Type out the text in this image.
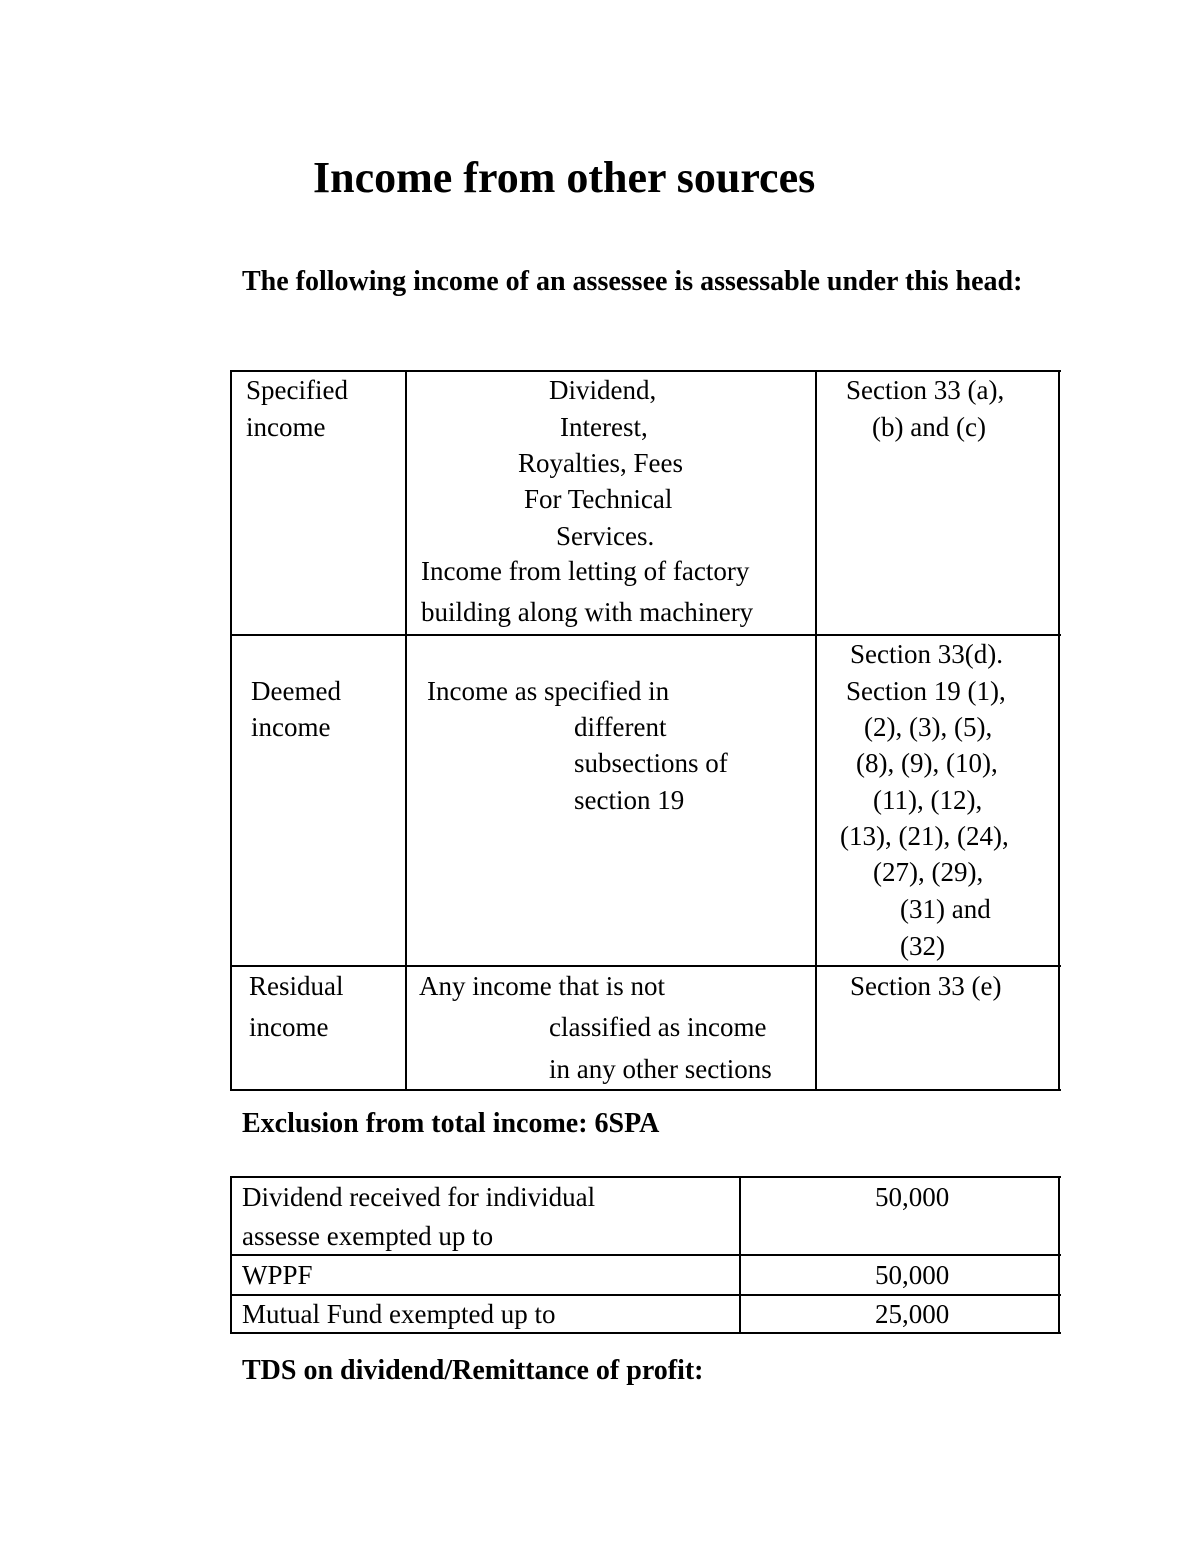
Income from other sources

The following income of an assessee is assessable under this head:

Specified

income

Dividend,

Interest,

Royalties, Fees

For Technical

Services.

Income from letting of factory

building along with machinery

Section 33 (a),

(b) and (c)

Deemed

income

Income as specified in

different

subsections of

section 19

Section 33(d).

Section 19 (1),

(2), (3), (5),

(8), (9), (10),

(11), (12),

(13), (21), (24),

(27), (29),

(31) and

(32)

Residual

income

Any income that is not

classified as income

in any other sections

Section 33 (e)

Exclusion from total income: 6SPA

Dividend received for individual

assesse exempted up to

50,000

WPPF	50,000

Mutual Fund exempted up to	25,000

TDS on dividend/Remittance of profit:
